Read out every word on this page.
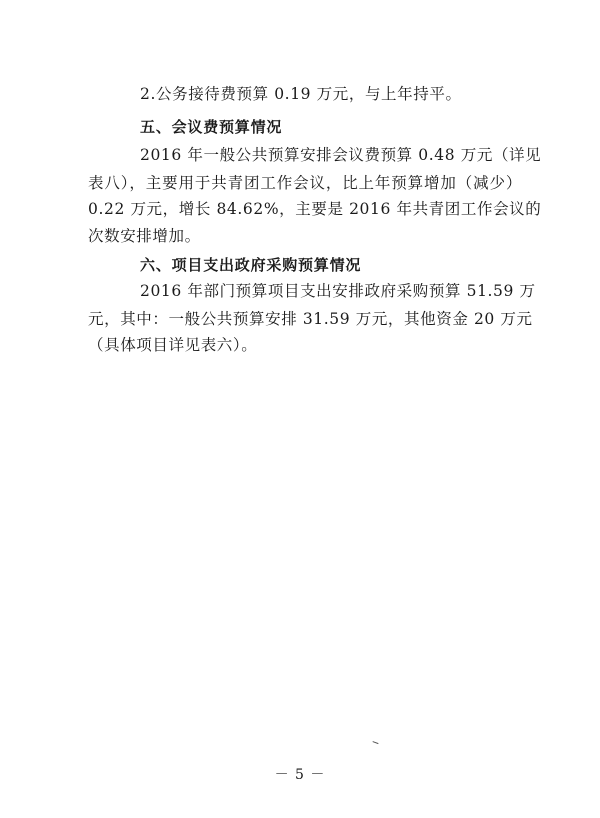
2.公务接待费预算 0.19 万元，与上年持平。
五、会议费预算情况
2016 年一般公共预算安排会议费预算 0.48 万元（详见
表八），主要用于共青团工作会议，比上年预算增加（减少）
0.22 万元，增长 84.62%，主要是 2016 年共青团工作会议的
次数安排增加。
六、项目支出政府采购预算情况
2016 年部门预算项目支出安排政府采购预算 51.59 万
元，其中：一般公共预算安排 31.59 万元，其他资金 20 万元
（具体项目详见表六）。
－ 5 －
